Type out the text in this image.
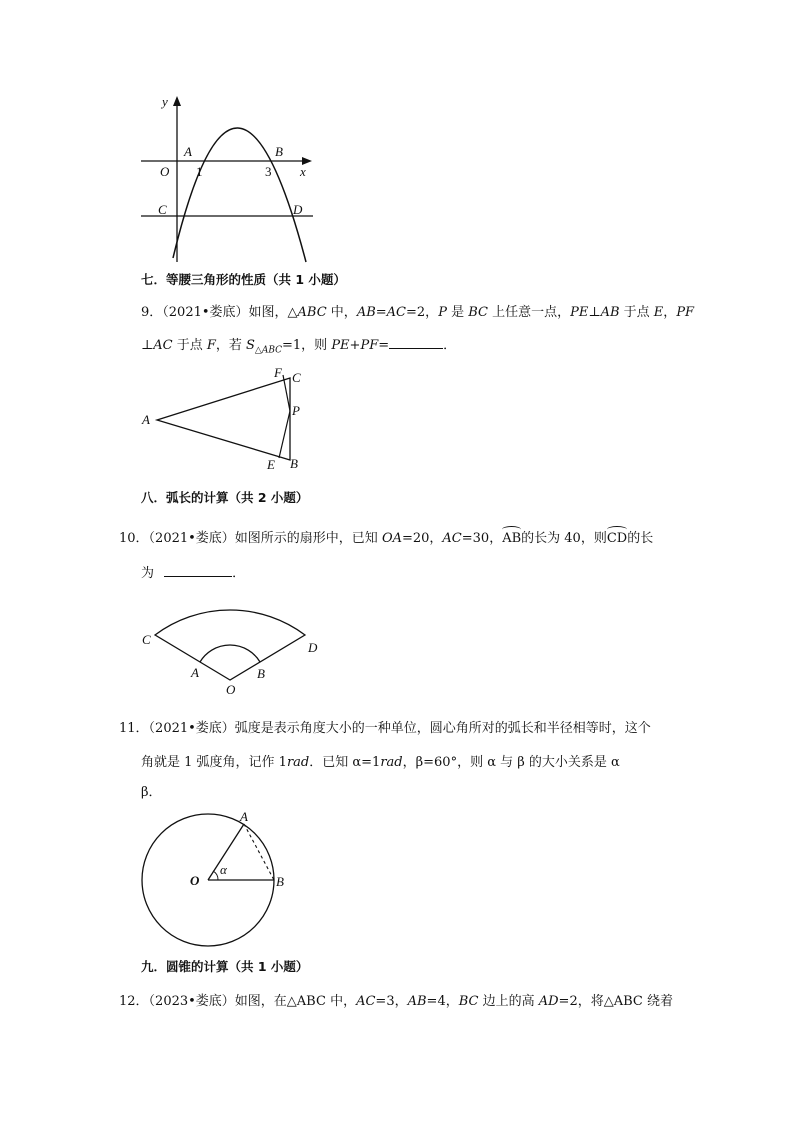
y
x
O
A	B
1	3
C	D
七．等腰三角形的性质（共 1 小题）
9．（2021•娄底）如图，△ABC 中，AB=AC=2，P 是 BC 上任意一点，PE⊥AB 于点 E，PF
⊥AC 于点 F，若 $S_{\triangle ABC}=1$，则 PE+PF=	．
A
C
F
P
E B
八．弧长的计算（共 2 小题）
10．（2021•娄底）如图所示的扇形中，已知 OA=20，AC=30，
AB的长为 40，则
CD的长
为	．
C
D
A	B
O
11．（2021•娄底）弧度是表示角度大小的一种单位，圆心角所对的弧长和半径相等时，这个
角就是 1 弧度角，记作 1rad．已知 α=1rad，β=60°，则 α 与 β 的大小关系是 α
β．
α
O	B
A
九．圆锥的计算（共 1 小题）
12．（2023•娄底）如图，在△ABC 中，AC=3，AB=4，BC 边上的高 AD=2，将△ABC 绕着
